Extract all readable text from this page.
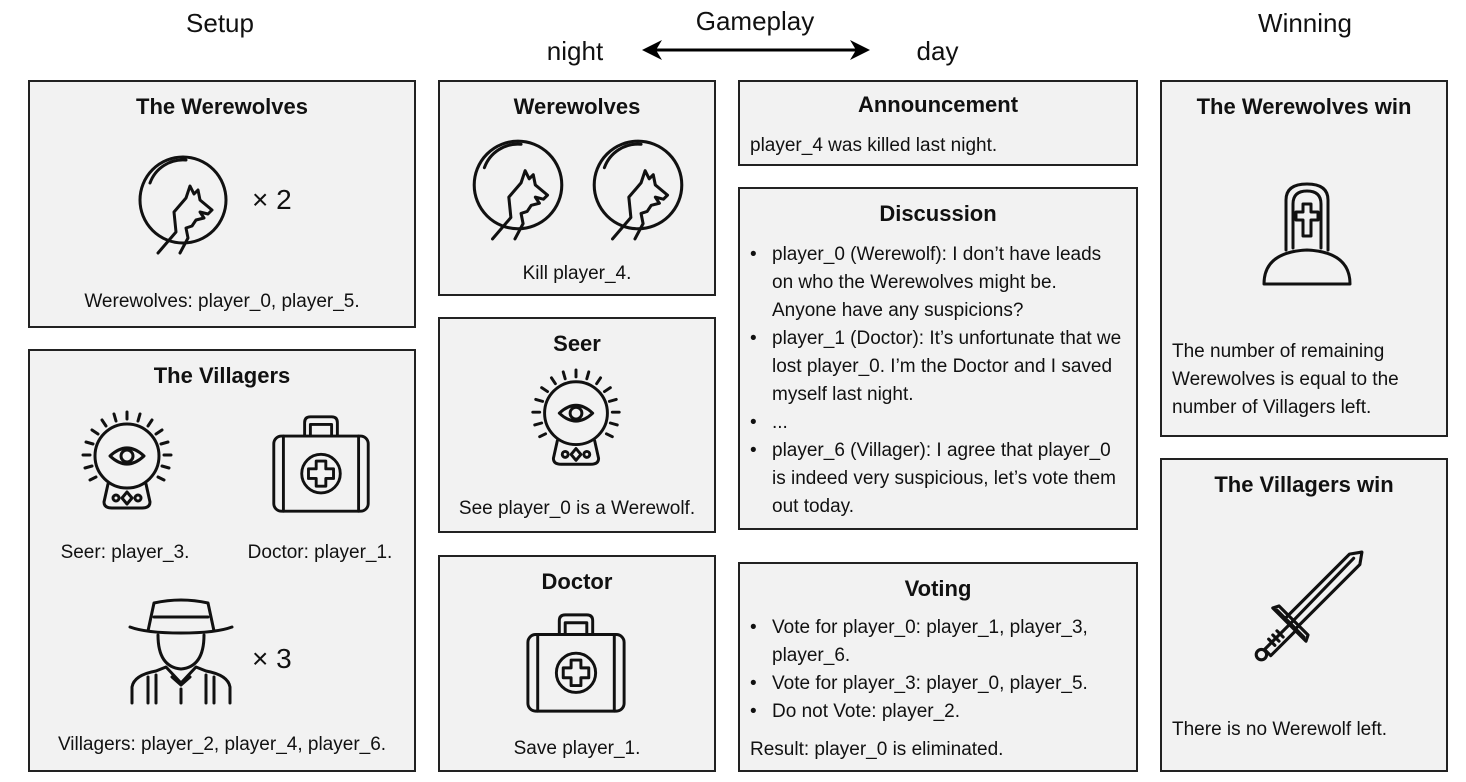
Setup	Gameplay
night	day
Winning
The Werewolves
× 2
Werewolves: player_0, player_5.
The Villagers
Seer: player_3.	Doctor: player_1.
× 3
Villagers: player_2, player_4, player_6.
Werewolves
Kill player_4.
Seer
See player_0 is a Werewolf.
Doctor
Save player_1.
Announcement
player_4 was killed last night.
Discussion
• player_0 (Werewolf): I don’t have leads on who the Werewolves might be. Anyone have any suspicions?
• player_1 (Doctor): It’s unfortunate that we lost player_0. I’m the Doctor and I saved myself last night.
• ...
• player_6 (Villager): I agree that player_0 is indeed very suspicious, let’s vote them out today.
Voting
• Vote for player_0: player_1, player_3, player_6.
• Vote for player_3: player_0, player_5.
• Do not Vote: player_2.
Result: player_0 is eliminated.
The Werewolves win
The number of remaining Werewolves is equal to the number of Villagers left.
The Villagers win
There is no Werewolf left.
